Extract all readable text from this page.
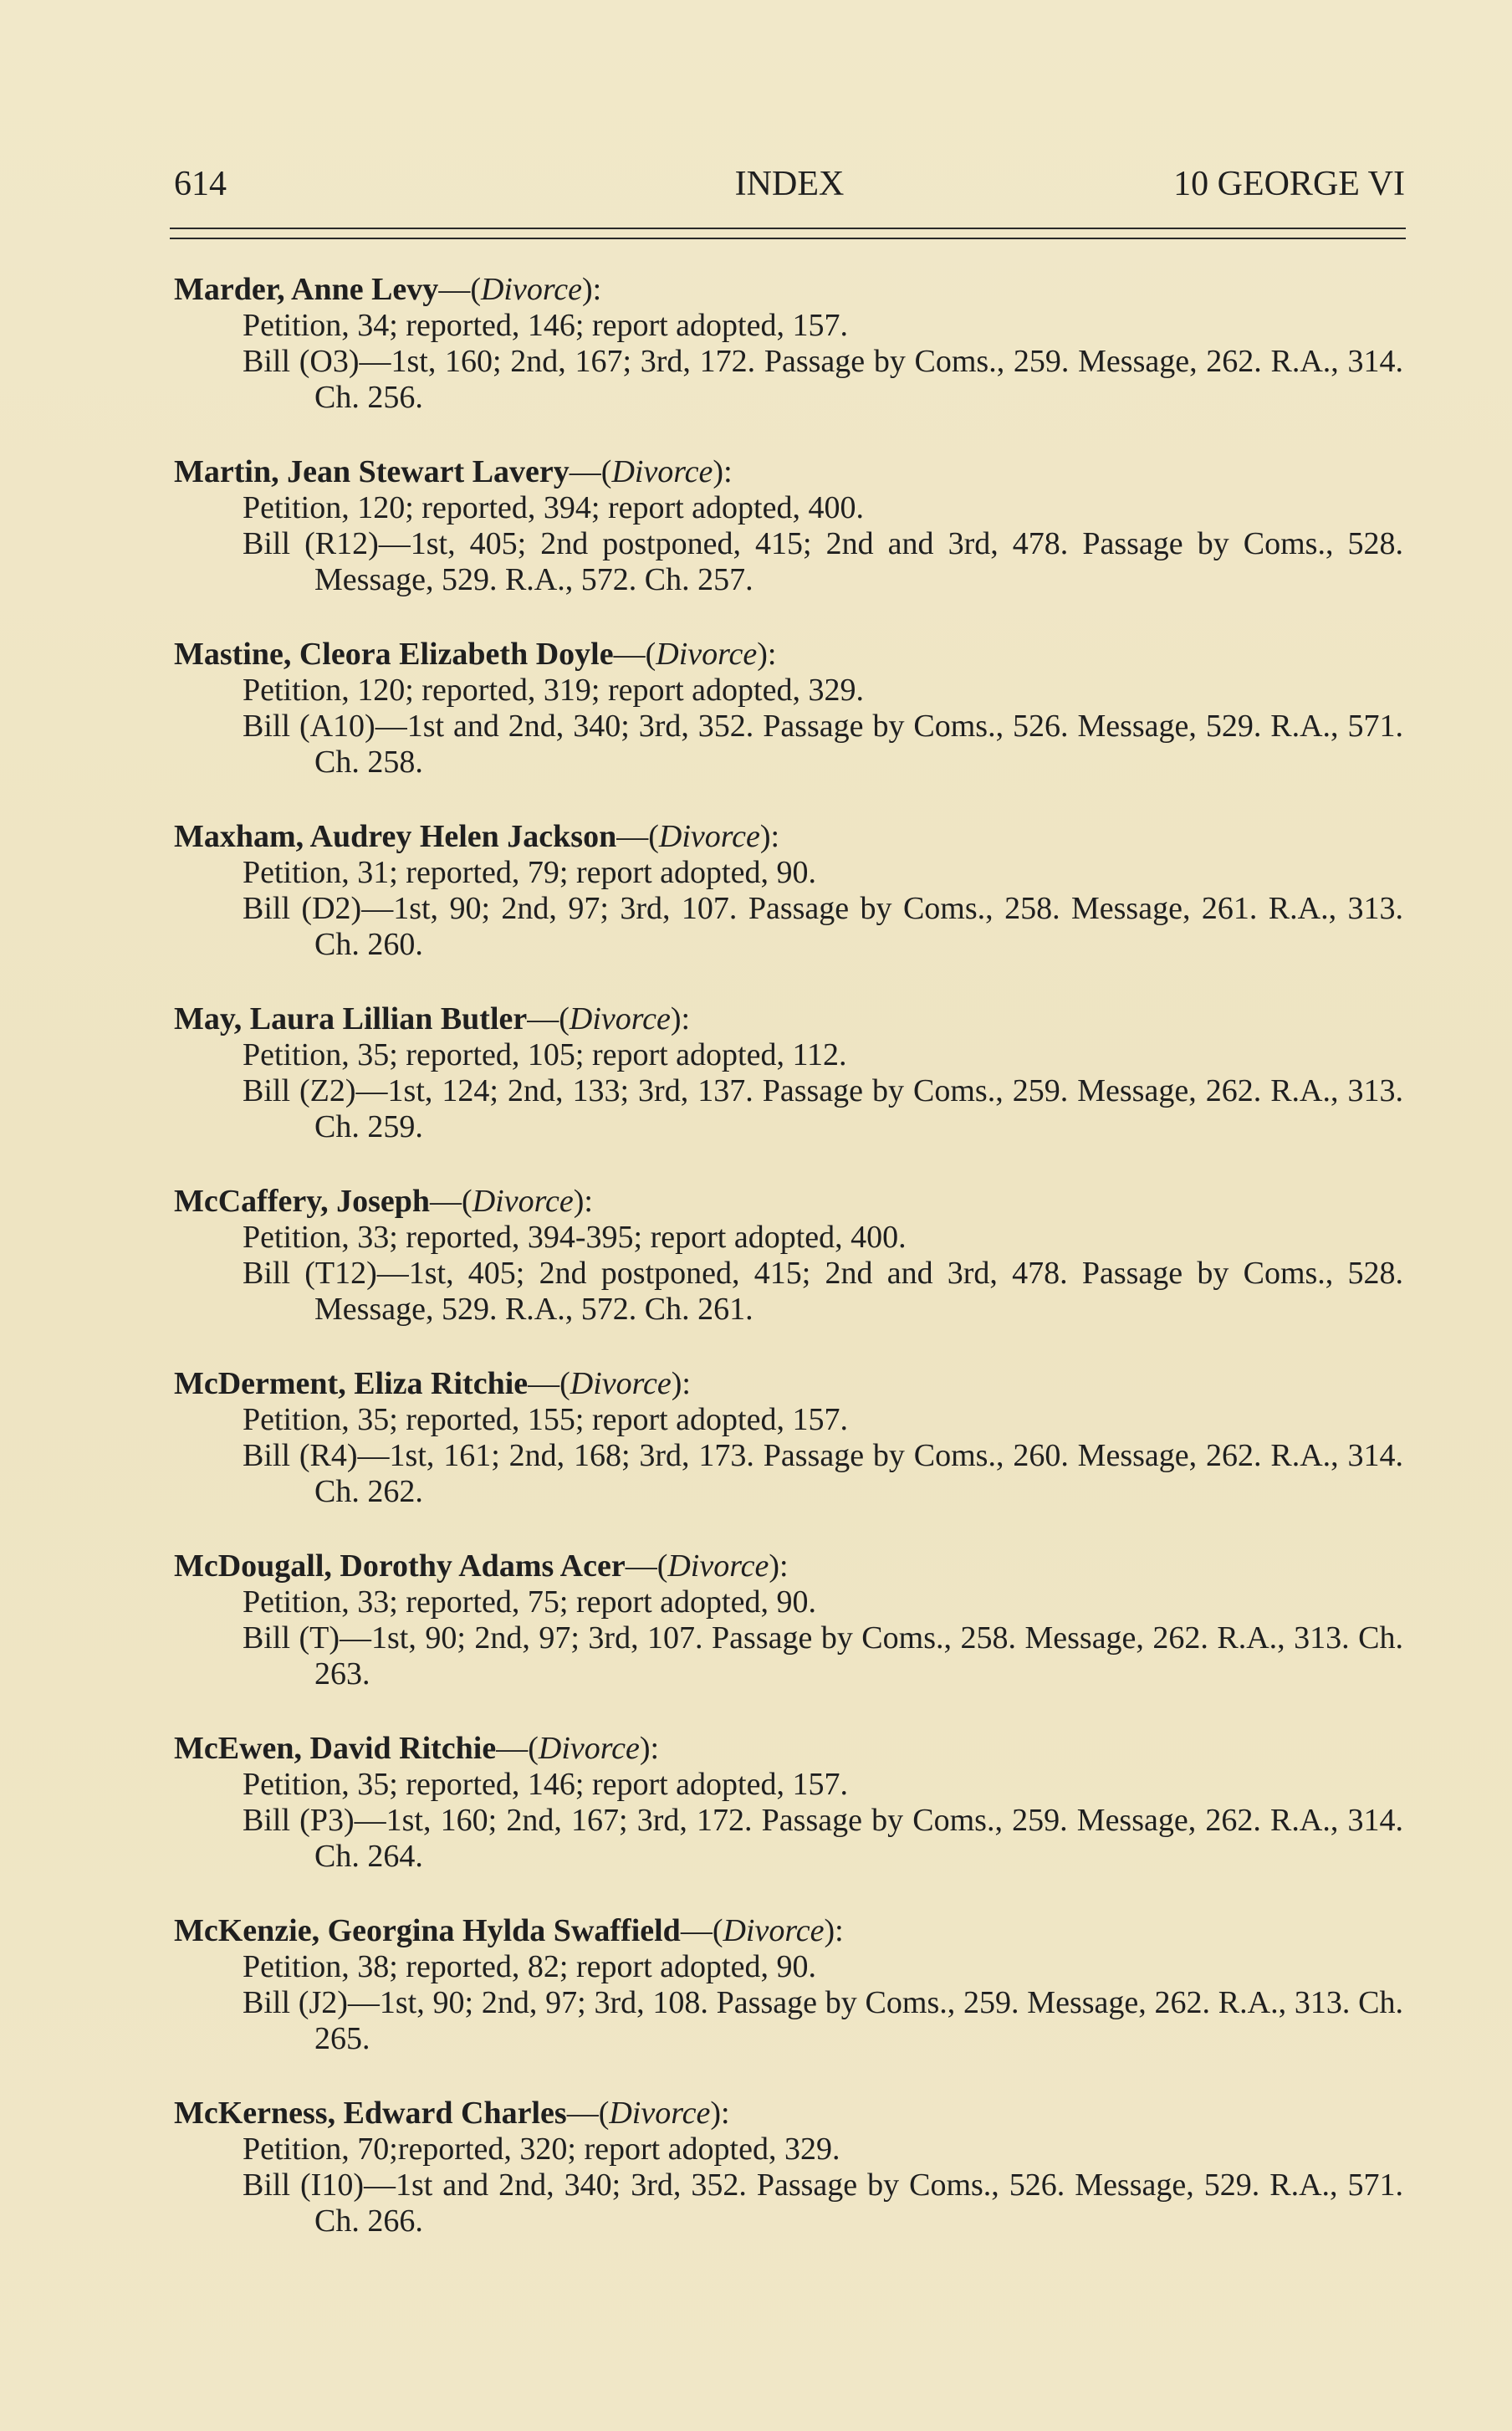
614	INDEX	10 GEORGE VI
Marder, Anne Levy—(Divorce):
Petition, 34; reported, 146; report adopted, 157.
Bill (O3)—1st, 160; 2nd, 167; 3rd, 172. Passage by Coms., 259. Message, 262. R.A., 314. Ch. 256.
Martin, Jean Stewart Lavery—(Divorce):
Petition, 120; reported, 394; report adopted, 400.
Bill (R12)—1st, 405; 2nd postponed, 415; 2nd and 3rd, 478. Passage by Coms., 528. Message, 529. R.A., 572. Ch. 257.
Mastine, Cleora Elizabeth Doyle—(Divorce):
Petition, 120; reported, 319; report adopted, 329.
Bill (A10)—1st and 2nd, 340; 3rd, 352. Passage by Coms., 526. Message, 529. R.A., 571. Ch. 258.
Maxham, Audrey Helen Jackson—(Divorce):
Petition, 31; reported, 79; report adopted, 90.
Bill (D2)—1st, 90; 2nd, 97; 3rd, 107. Passage by Coms., 258. Message, 261. R.A., 313. Ch. 260.
May, Laura Lillian Butler—(Divorce):
Petition, 35; reported, 105; report adopted, 112.
Bill (Z2)—1st, 124; 2nd, 133; 3rd, 137. Passage by Coms., 259. Message, 262. R.A., 313. Ch. 259.
McCaffery, Joseph—(Divorce):
Petition, 33; reported, 394-395; report adopted, 400.
Bill (T12)—1st, 405; 2nd postponed, 415; 2nd and 3rd, 478. Passage by Coms., 528. Message, 529. R.A., 572. Ch. 261.
McDerment, Eliza Ritchie—(Divorce):
Petition, 35; reported, 155; report adopted, 157.
Bill (R4)—1st, 161; 2nd, 168; 3rd, 173. Passage by Coms., 260. Message, 262. R.A., 314. Ch. 262.
McDougall, Dorothy Adams Acer—(Divorce):
Petition, 33; reported, 75; report adopted, 90.
Bill (T)—1st, 90; 2nd, 97; 3rd, 107. Passage by Coms., 258. Message, 262. R.A., 313. Ch. 263.
McEwen, David Ritchie—(Divorce):
Petition, 35; reported, 146; report adopted, 157.
Bill (P3)—1st, 160; 2nd, 167; 3rd, 172. Passage by Coms., 259. Message, 262. R.A., 314. Ch. 264.
McKenzie, Georgina Hylda Swaffield—(Divorce):
Petition, 38; reported, 82; report adopted, 90.
Bill (J2)—1st, 90; 2nd, 97; 3rd, 108. Passage by Coms., 259. Message, 262. R.A., 313. Ch. 265.
McKerness, Edward Charles—(Divorce):
Petition, 70;reported, 320; report adopted, 329.
Bill (I10)—1st and 2nd, 340; 3rd, 352. Passage by Coms., 526. Message, 529. R.A., 571. Ch. 266.
